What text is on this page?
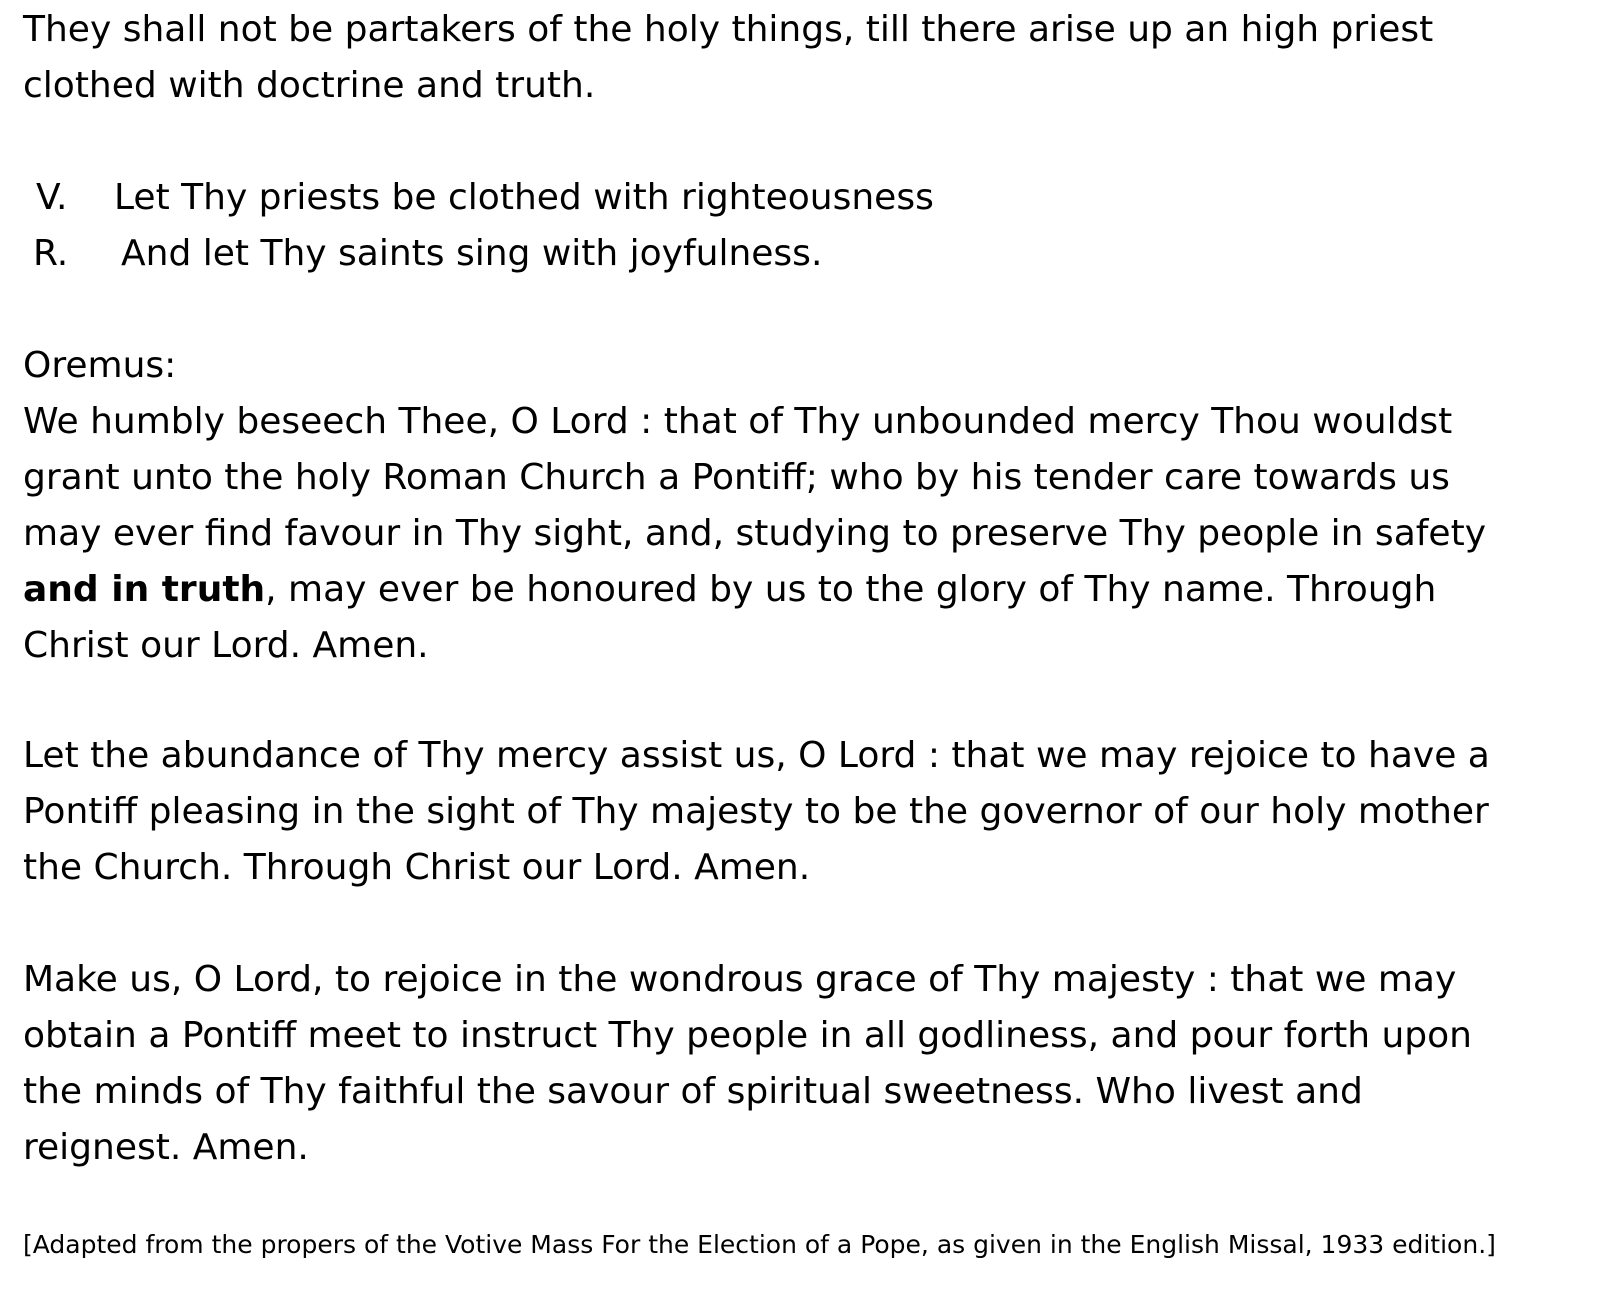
They shall not be partakers of the holy things, till there arise up an high priest
clothed with doctrine and truth.
V.	Let Thy priests be clothed with righteousness
R.	And let Thy saints sing with joyfulness.
Oremus:
We humbly beseech Thee, O Lord : that of Thy unbounded mercy Thou wouldst
grant unto the holy Roman Church a Pontiff; who by his tender care towards us
may ever find favour in Thy sight, and, studying to preserve Thy people in safety
and in truth, may ever be honoured by us to the glory of Thy name. Through
Christ our Lord. Amen.
Let the abundance of Thy mercy assist us, O Lord : that we may rejoice to have a
Pontiff pleasing in the sight of Thy majesty to be the governor of our holy mother
the Church. Through Christ our Lord. Amen.
Make us, O Lord, to rejoice in the wondrous grace of Thy majesty : that we may
obtain a Pontiff meet to instruct Thy people in all godliness, and pour forth upon
the minds of Thy faithful the savour of spiritual sweetness. Who livest and
reignest. Amen.
[Adapted from the propers of the Votive Mass For the Election of a Pope, as given in the English Missal, 1933 edition.]
